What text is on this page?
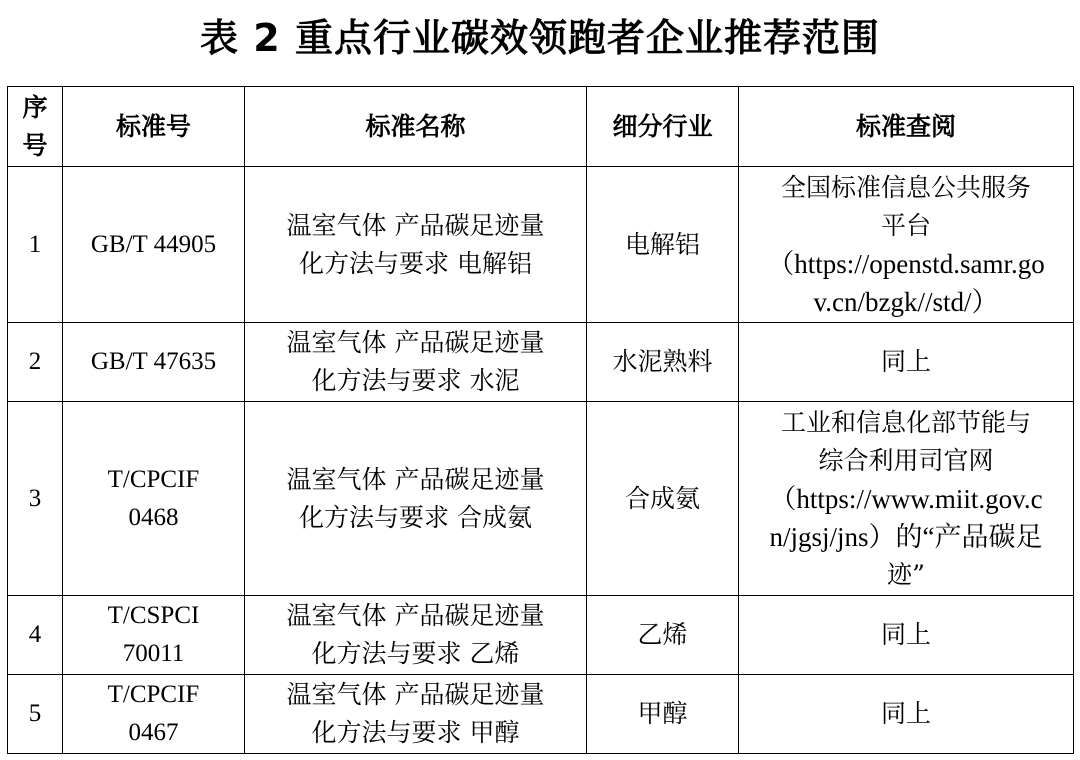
表 2 重点行业碳效领跑者企业推荐范围
序
号	标准号	标准名称	细分行业	标准查阅
1	GB/T 44905	温室气体 产品碳足迹量
化方法与要求 电解铝	电解铝	全国标准信息公共服务
平台
（https://openstd.samr.go
v.cn/bzgk//std/）

2	GB/T 47635	温室气体 产品碳足迹量
化方法与要求 水泥	水泥熟料	同上

3	T/CPCIF
0468	温室气体 产品碳足迹量
化方法与要求 合成氨	合成氨	工业和信息化部节能与
综合利用司官网
（https://www.miit.gov.c
n/jgsj/jns）的“产品碳足
迹”

4	T/CSPCI
70011	温室气体 产品碳足迹量
化方法与要求 乙烯	乙烯	同上

5	T/CPCIF
0467	温室气体 产品碳足迹量
化方法与要求 甲醇	甲醇	同上
